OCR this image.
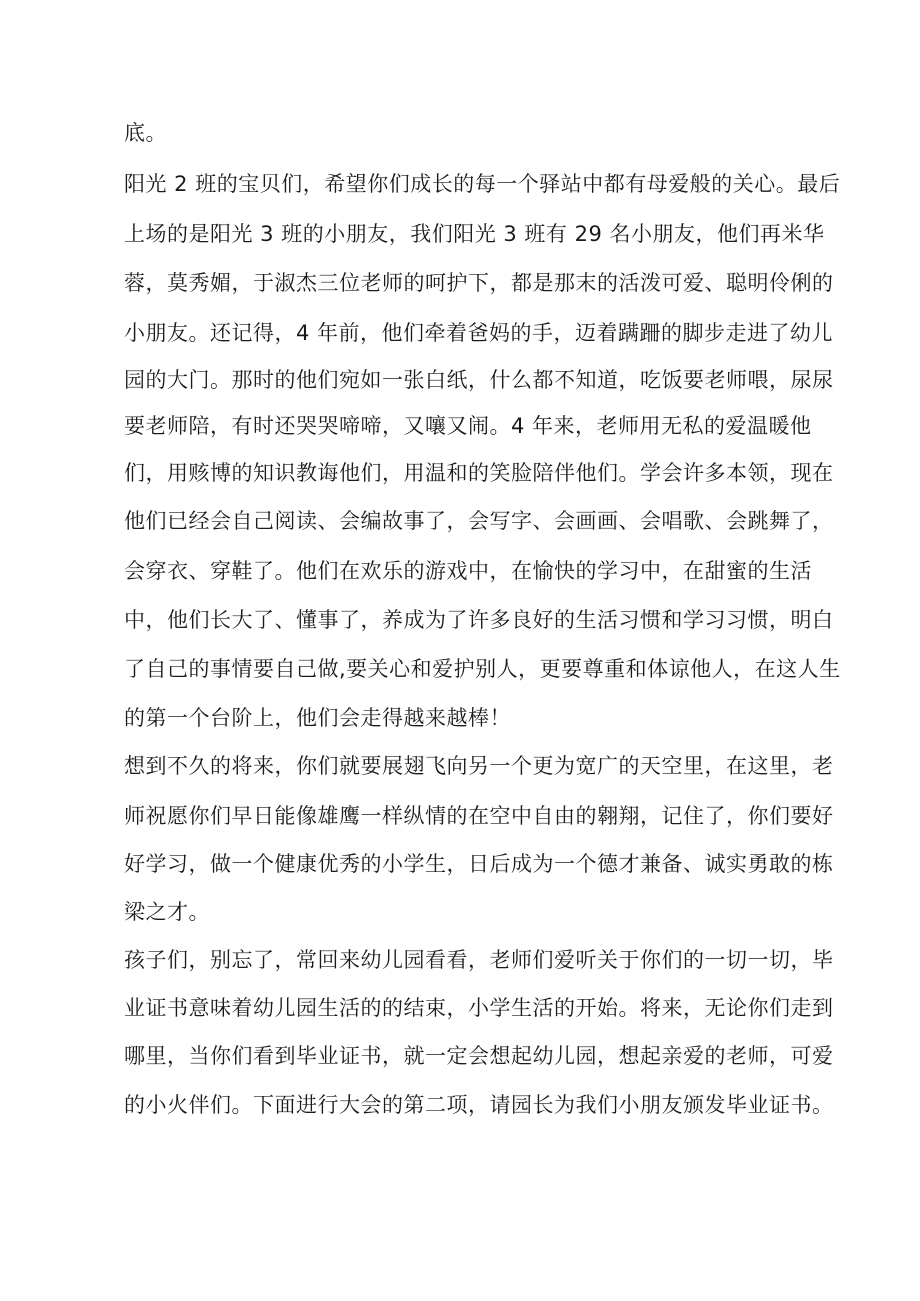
底。

阳光 2 班的宝贝们，希望你们成长的每一个驿站中都有母爱般的关心。最后

上场的是阳光 3 班的小朋友，我们阳光 3 班有 29 名小朋友，他们再米华

蓉，莫秀媚，于淑杰三位老师的呵护下，都是那末的活泼可爱、聪明伶俐的

小朋友。还记得，4 年前，他们牵着爸妈的手，迈着蹒跚的脚步走进了幼儿

园的大门。那时的他们宛如一张白纸，什么都不知道，吃饭要老师喂，尿尿

要老师陪，有时还哭哭啼啼，又嚷又闹。4 年来，老师用无私的爱温暖他

们，用赅博的知识教诲他们，用温和的笑脸陪伴他们。学会许多本领，现在

他们已经会自己阅读、会编故事了，会写字、会画画、会唱歌、会跳舞了，

会穿衣、穿鞋了。他们在欢乐的游戏中，在愉快的学习中，在甜蜜的生活

中，他们长大了、懂事了，养成为了许多良好的生活习惯和学习习惯，明白

了自己的事情要自己做,要关心和爱护别人，更要尊重和体谅他人，在这人生

的第一个台阶上，他们会走得越来越棒！

想到不久的将来，你们就要展翅飞向另一个更为宽广的天空里，在这里，老

师祝愿你们早日能像雄鹰一样纵情的在空中自由的翱翔，记住了，你们要好

好学习，做一个健康优秀的小学生，日后成为一个德才兼备、诚实勇敢的栋

梁之才。

孩子们，别忘了，常回来幼儿园看看，老师们爱听关于你们的一切一切，毕

业证书意味着幼儿园生活的的结束，小学生活的开始。将来，无论你们走到

哪里，当你们看到毕业证书，就一定会想起幼儿园，想起亲爱的老师，可爱

的小火伴们。下面进行大会的第二项，请园长为我们小朋友颁发毕业证书。
